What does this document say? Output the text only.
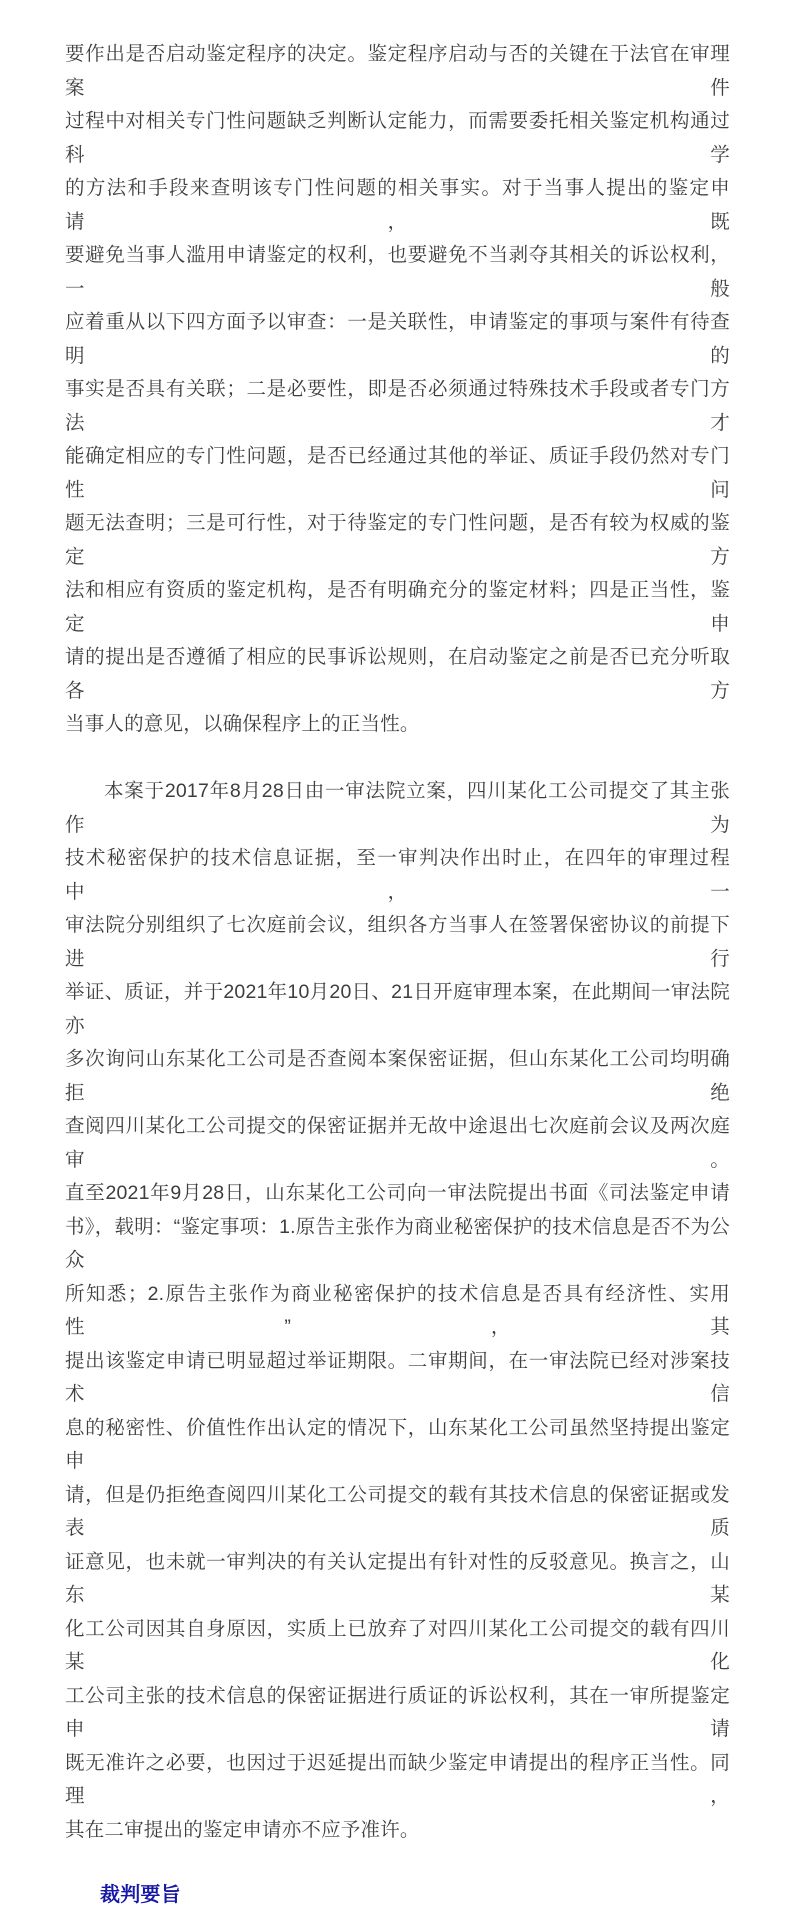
要作出是否启动鉴定程序的决定。鉴定程序启动与否的关键在于法官在审理案件
过程中对相关专门性问题缺乏判断认定能力，而需要委托相关鉴定机构通过科学
的方法和手段来查明该专门性问题的相关事实。对于当事人提出的鉴定申请，既
要避免当事人滥用申请鉴定的权利，也要避免不当剥夺其相关的诉讼权利，一般
应着重从以下四方面予以审查：一是关联性，申请鉴定的事项与案件有待查明的
事实是否具有关联；二是必要性，即是否必须通过特殊技术手段或者专门方法才
能确定相应的专门性问题，是否已经通过其他的举证、质证手段仍然对专门性问
题无法查明；三是可行性，对于待鉴定的专门性问题，是否有较为权威的鉴定方
法和相应有资质的鉴定机构，是否有明确充分的鉴定材料；四是正当性，鉴定申
请的提出是否遵循了相应的民事诉讼规则，在启动鉴定之前是否已充分听取各方
当事人的意见，以确保程序上的正当性。
本案于2017年8月28日由一审法院立案，四川某化工公司提交了其主张作为
技术秘密保护的技术信息证据，至一审判决作出时止，在四年的审理过程中，一
审法院分别组织了七次庭前会议，组织各方当事人在签署保密协议的前提下进行
举证、质证，并于2021年10月20日、21日开庭审理本案，在此期间一审法院亦
多次询问山东某化工公司是否查阅本案保密证据，但山东某化工公司均明确拒绝
查阅四川某化工公司提交的保密证据并无故中途退出七次庭前会议及两次庭审。
直至2021年9月28日，山东某化工公司向一审法院提出书面《司法鉴定申请
书》，载明：“鉴定事项：1.原告主张作为商业秘密保护的技术信息是否不为公众
所知悉；2.原告主张作为商业秘密保护的技术信息是否具有经济性、实用性”，其
提出该鉴定申请已明显超过举证期限。二审期间，在一审法院已经对涉案技术信
息的秘密性、价值性作出认定的情况下，山东某化工公司虽然坚持提出鉴定申
请，但是仍拒绝查阅四川某化工公司提交的载有其技术信息的保密证据或发表质
证意见，也未就一审判决的有关认定提出有针对性的反驳意见。换言之，山东某
化工公司因其自身原因，实质上已放弃了对四川某化工公司提交的载有四川某化
工公司主张的技术信息的保密证据进行质证的诉讼权利，其在一审所提鉴定申请
既无准许之必要，也因过于迟延提出而缺少鉴定申请提出的程序正当性。同理，
其在二审提出的鉴定申请亦不应予准许。
裁判要旨
